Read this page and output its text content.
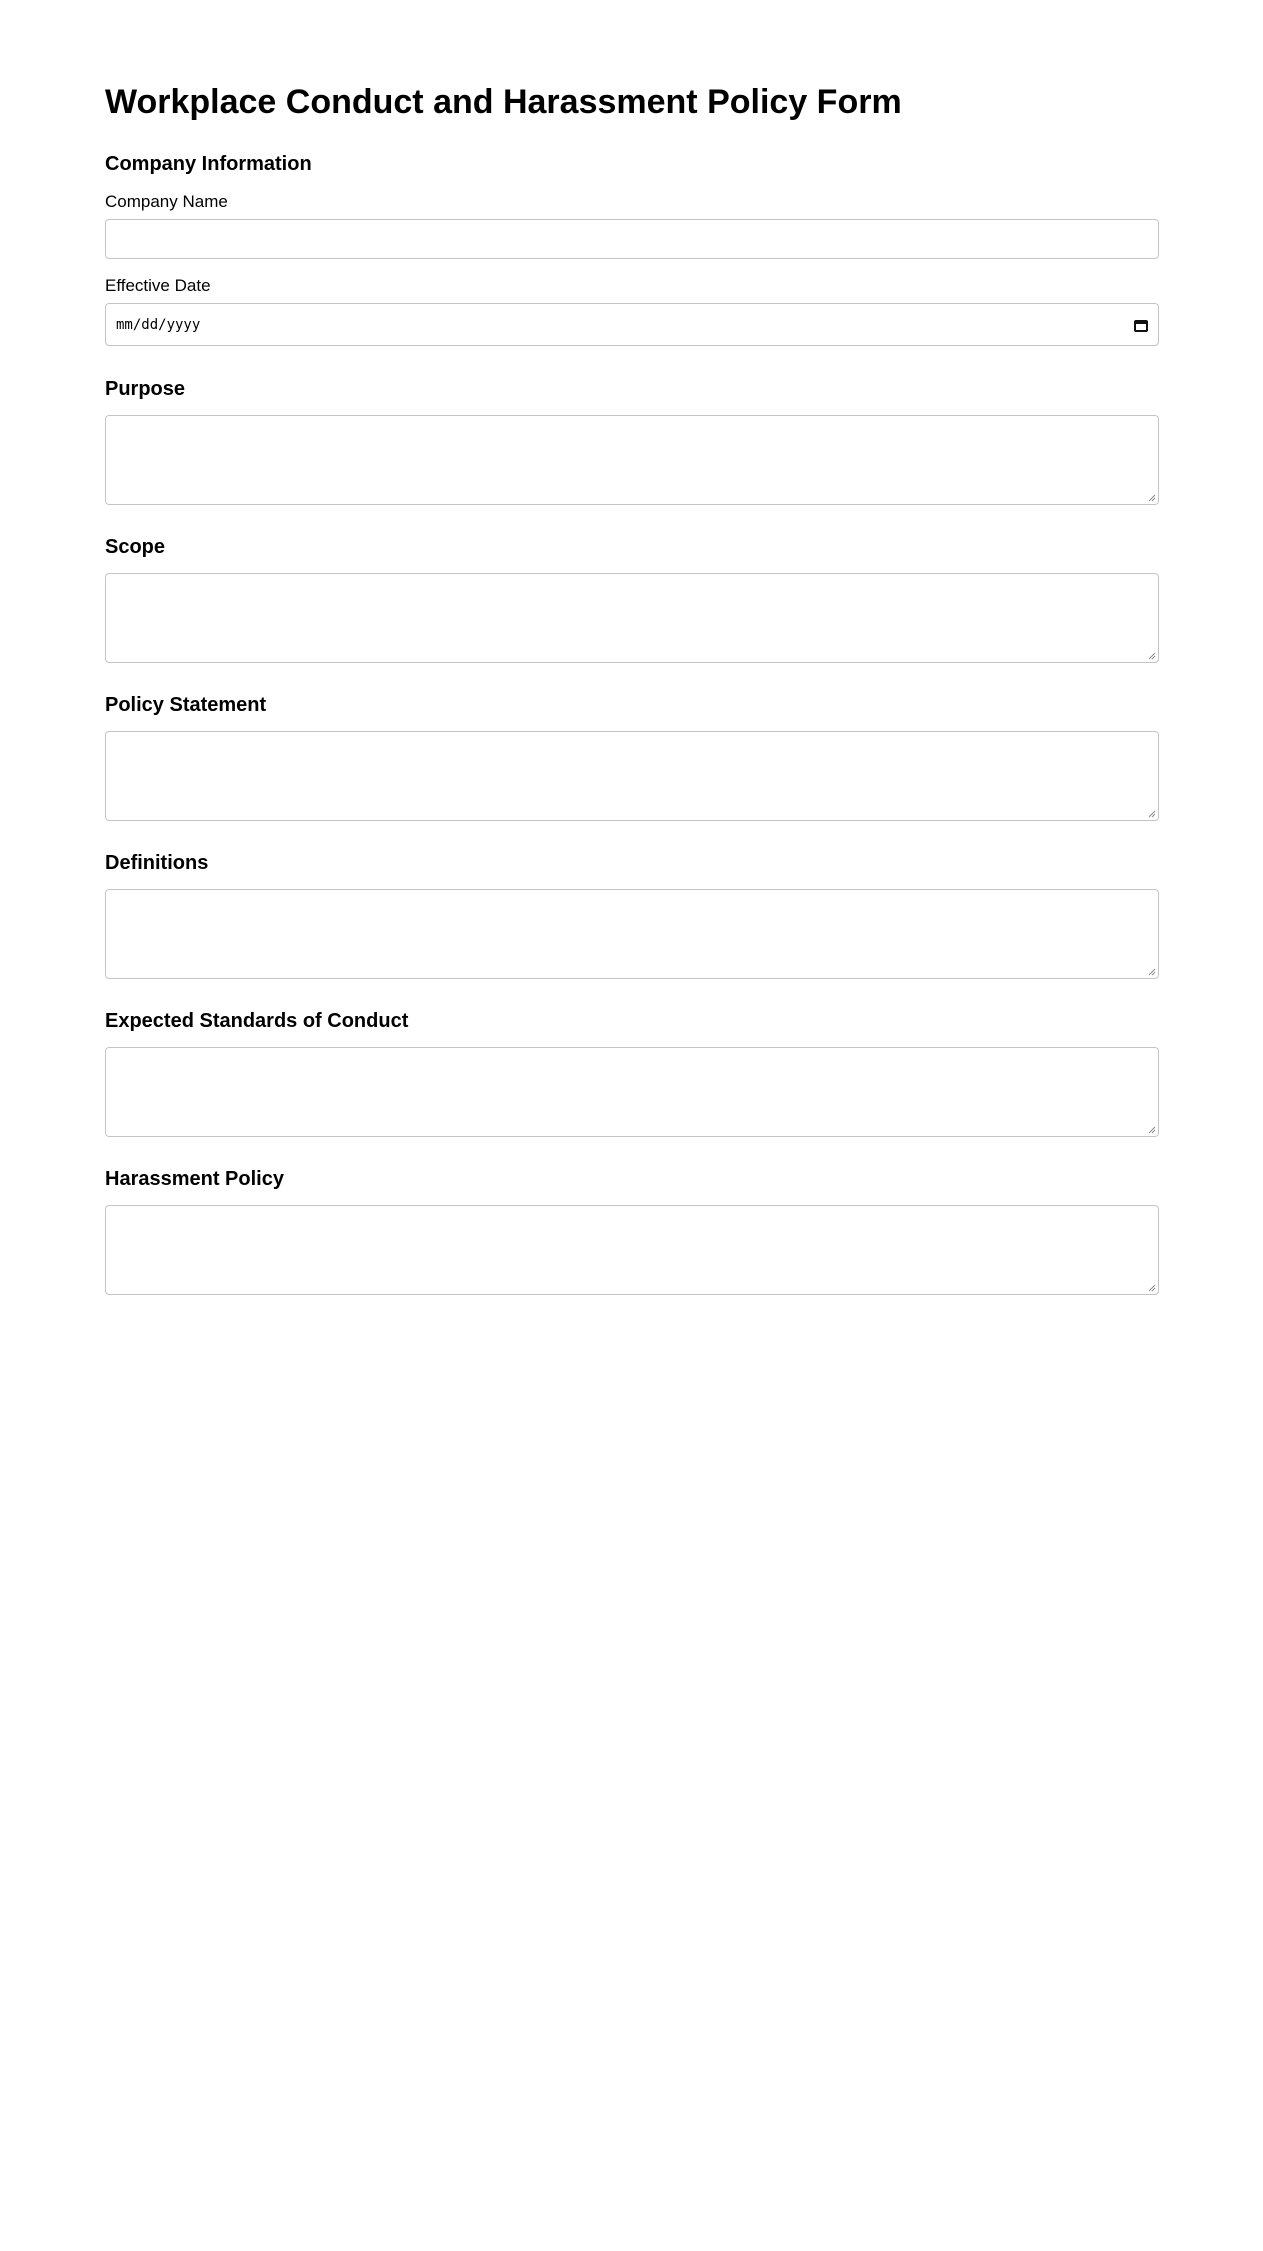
Workplace Conduct and Harassment Policy Form
Company Information
Company Name
Effective Date
mm/dd/yyyy
Purpose
Scope
Policy Statement
Definitions
Expected Standards of Conduct
Harassment Policy
